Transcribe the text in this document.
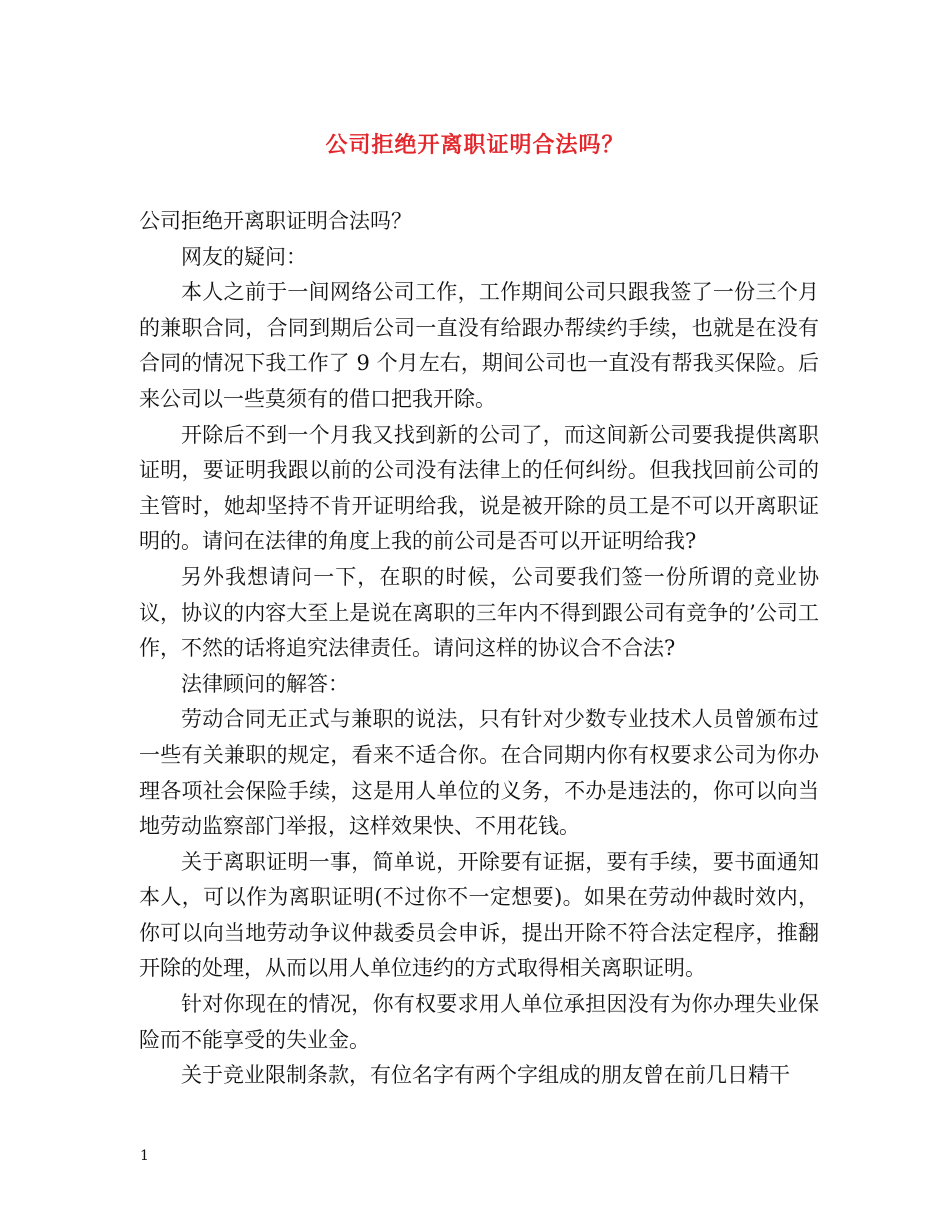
公司拒绝开离职证明合法吗？

公司拒绝开离职证明合法吗？

网友的疑问：

本人之前于一间网络公司工作，工作期间公司只跟我签了一份三个月的兼职合同，合同到期后公司一直没有给跟办帮续约手续，也就是在没有合同的情况下我工作了 9 个月左右，期间公司也一直没有帮我买保险。后来公司以一些莫须有的借口把我开除。

开除后不到一个月我又找到新的公司了，而这间新公司要我提供离职证明，要证明我跟以前的公司没有法律上的任何纠纷。但我找回前公司的主管时，她却坚持不肯开证明给我，说是被开除的员工是不可以开离职证明的。请问在法律的角度上我的前公司是否可以开证明给我?

另外我想请问一下，在职的时候，公司要我们签一份所谓的竞业协议，协议的内容大至上是说在离职的三年内不得到跟公司有竞争的’公司工作，不然的话将追究法律责任。请问这样的协议合不合法?

法律顾问的解答：

劳动合同无正式与兼职的说法，只有针对少数专业技术人员曾颁布过一些有关兼职的规定，看来不适合你。在合同期内你有权要求公司为你办理各项社会保险手续，这是用人单位的义务，不办是违法的，你可以向当地劳动监察部门举报，这样效果快、不用花钱。

关于离职证明一事，简单说，开除要有证据，要有手续，要书面通知本人，可以作为离职证明(不过你不一定想要)。如果在劳动仲裁时效内，你可以向当地劳动争议仲裁委员会申诉，提出开除不符合法定程序，推翻开除的处理，从而以用人单位违约的方式取得相关离职证明。

针对你现在的情况，你有权要求用人单位承担因没有为你办理失业保险而不能享受的失业金。

关于竞业限制条款，有位名字有两个字组成的朋友曾在前几日精干

1
